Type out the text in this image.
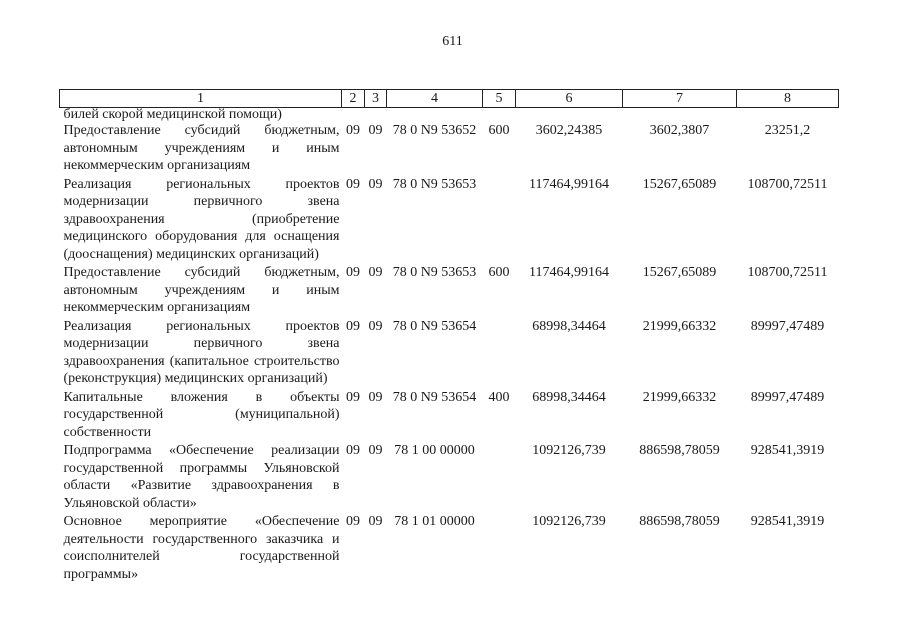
611
1	2	3	4	5	6	7	8
билей скорой медицинской помощи)							
Предоставление субсидий бюджетным, автономным учреждениям и иным некоммерческим организациям	09	09	78 0 N9 53652	600	3602,24385	3602,3807	23251,2
Реализация региональных проектов модернизации первичного звена здравоохранения (приобретение медицинского оборудования для оснащения (дооснащения) медицинских организаций)	09	09	78 0 N9 53653		117464,99164	15267,65089	108700,72511
Предоставление субсидий бюджетным, автономным учреждениям и иным некоммерческим организациям	09	09	78 0 N9 53653	600	117464,99164	15267,65089	108700,72511
Реализация региональных проектов модернизации первичного звена здравоохранения (капитальное строительство (реконструкция) медицинских организаций)	09	09	78 0 N9 53654		68998,34464	21999,66332	89997,47489
Капитальные вложения в объекты государственной (муниципальной) собственности	09	09	78 0 N9 53654	400	68998,34464	21999,66332	89997,47489
Подпрограмма «Обеспечение реализации государственной программы Ульяновской области «Развитие здравоохранения в Ульяновской области»	09	09	78 1 00 00000		1092126,739	886598,78059	928541,3919
Основное мероприятие «Обеспечение деятельности государственного заказчика и соисполнителей государственной программы»	09	09	78 1 01 00000		1092126,739	886598,78059	928541,3919
